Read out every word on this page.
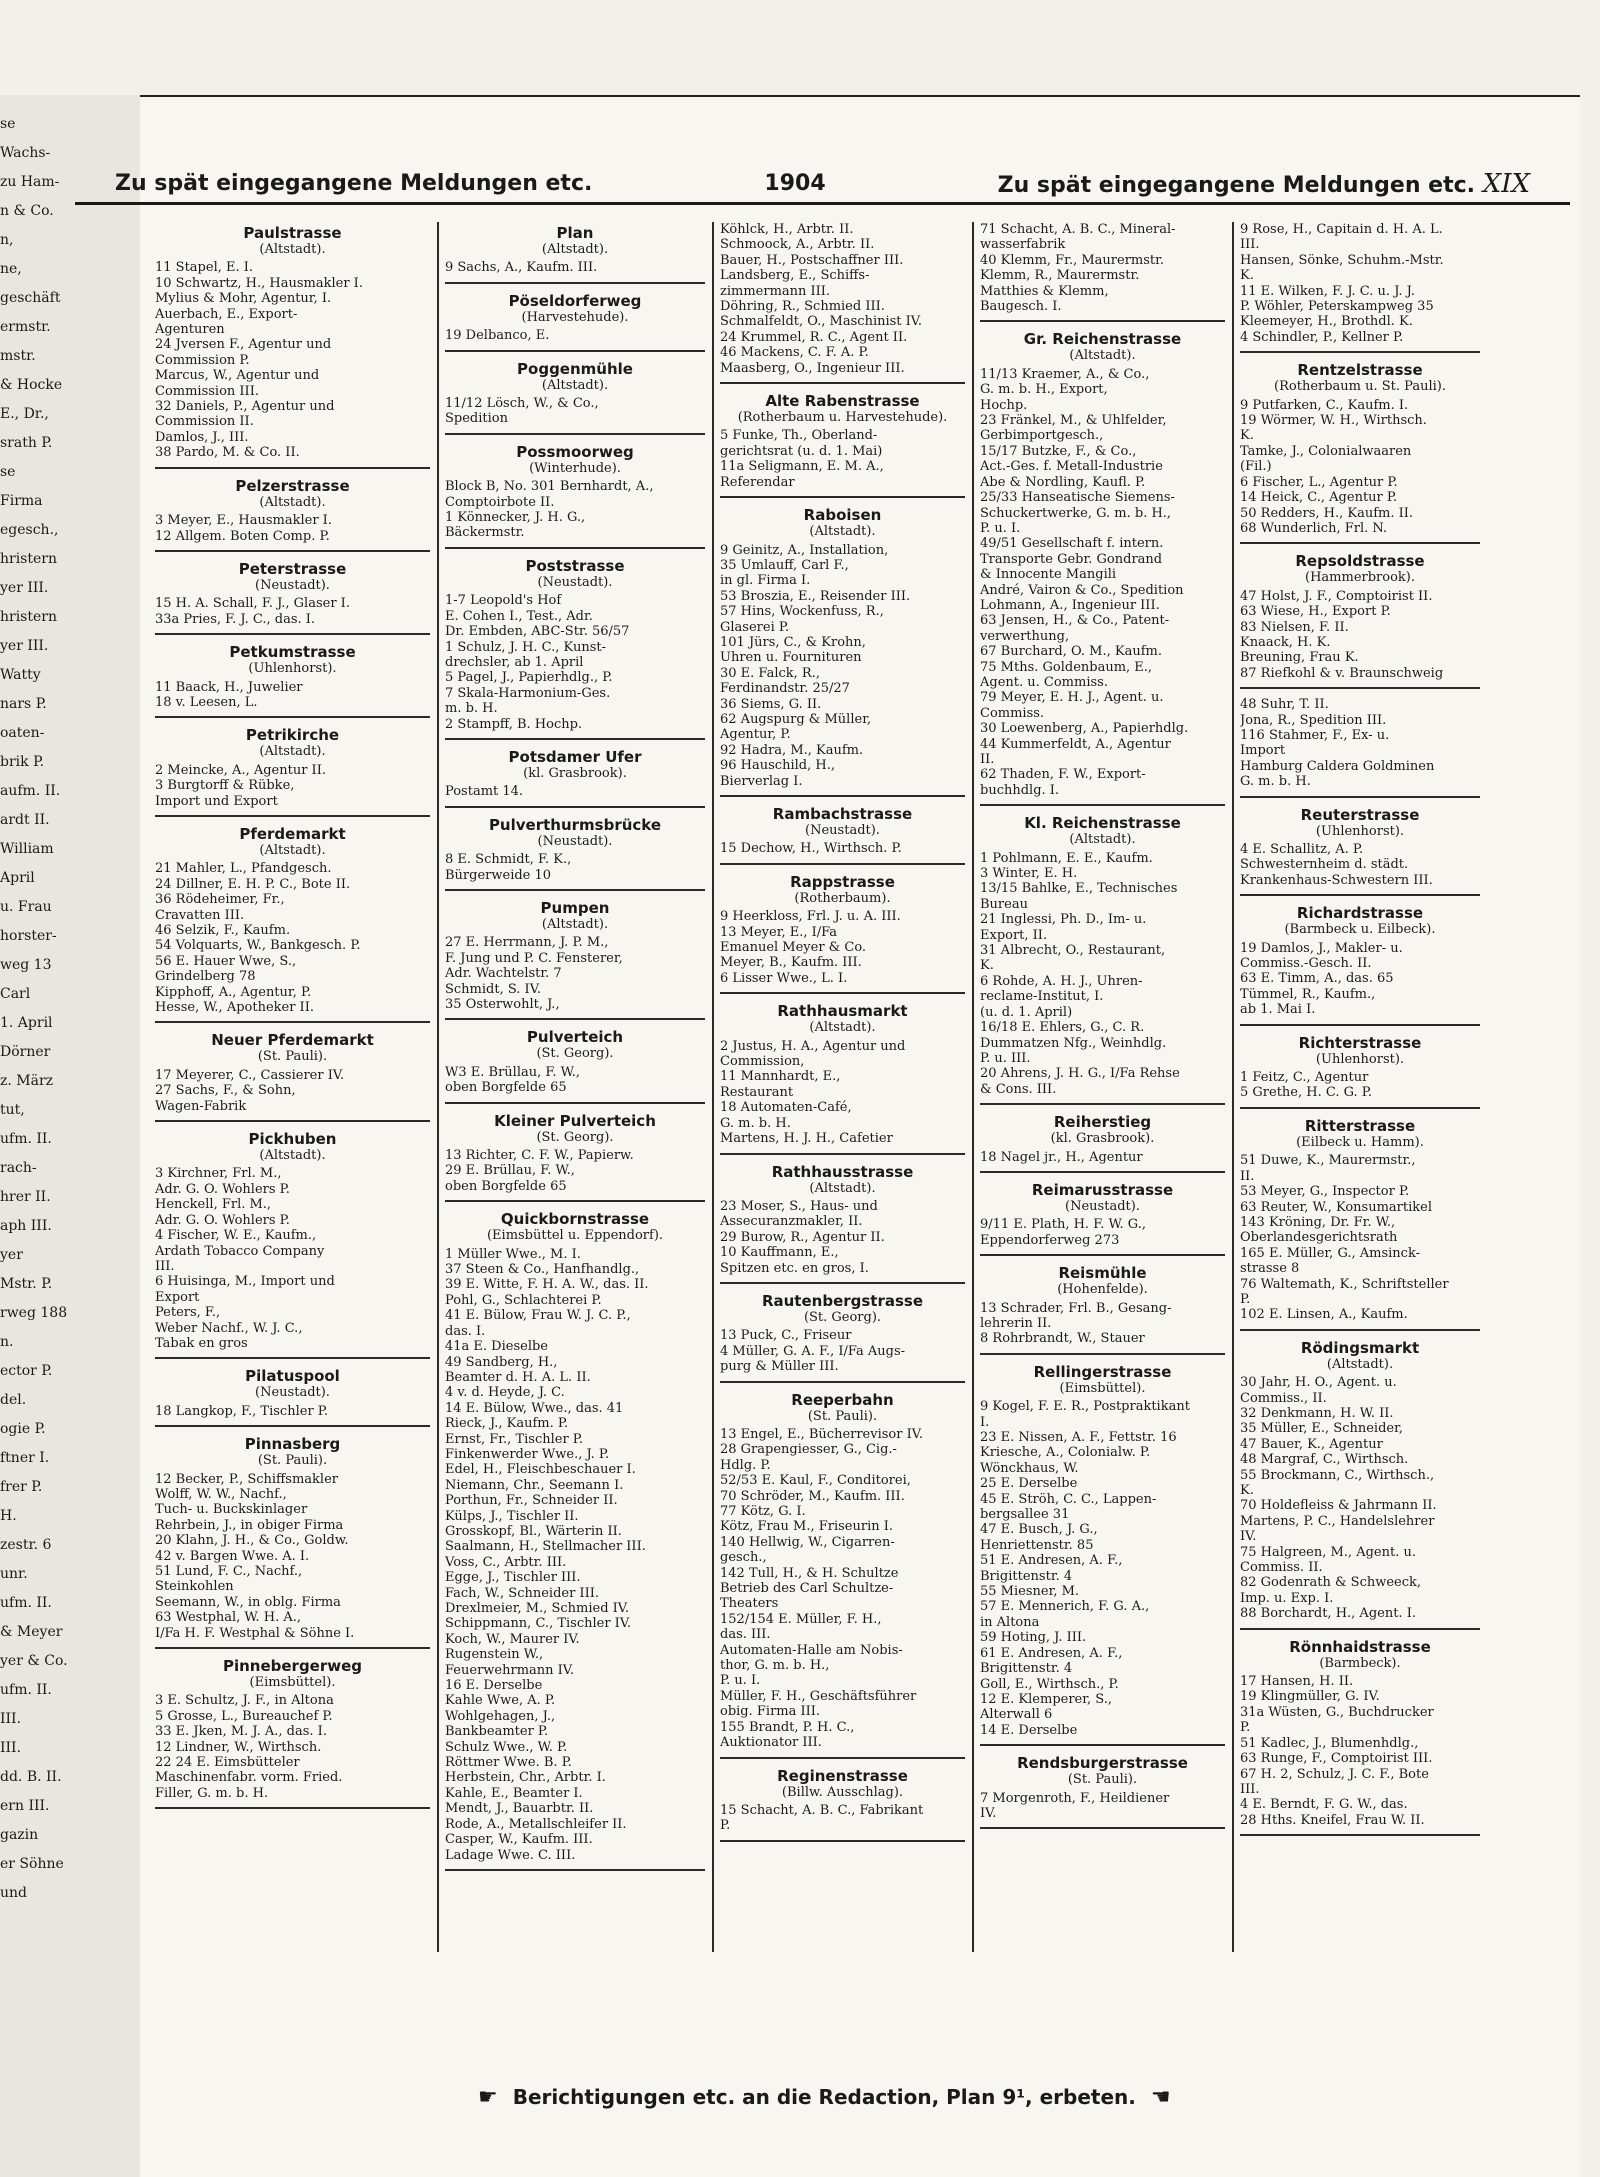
se
Wachs-
zu Ham-
n & Co.
n,
ne,
geschäft
ermstr.
mstr.
& Hocke
E., Dr.,
srath P.
se
Firma
egesch.,
hristern
yer III.
hristern
yer III.
Watty
nars P.
oaten-
brik P.
aufm. II.
ardt II.
William
April
u. Frau
horster-
weg 13
Carl
1. April
Dörner
z. März
tut,
ufm. II.
rach-
hrer II.
aph III.
yer
Mstr. P.
rweg 188
n.
ector P.
del.
ogie P.
ftner I.
frer P.
H.
zestr. 6
unr.
ufm. II.
& Meyer
yer & Co.
ufm. II.
III.
III.
dd. B. II.
ern III.
gazin
er Söhne
und
Zu spät eingegangene Meldungen etc.	1904	Zu spät eingegangene Meldungen etc. XIX
Paulstrasse
(Altstadt).
11 Stapel, E. I.
10 Schwartz, H., Hausmakler I.
Mylius & Mohr, Agentur, I.
Auerbach, E., Export-
Agenturen
24 Jversen F., Agentur und
Commission P.
Marcus, W., Agentur und
Commission III.
32 Daniels, P., Agentur und
Commission II.
Damlos, J., III.
38 Pardo, M. & Co. II.
Pelzerstrasse
(Altstadt).
3 Meyer, E., Hausmakler I.
12 Allgem. Boten Comp. P.
Peterstrasse
(Neustadt).
15 H. A. Schall, F. J., Glaser I.
33a Pries, F. J. C., das. I.
Petkumstrasse
(Uhlenhorst).
11 Baack, H., Juwelier
18 v. Leesen, L.
Petrikirche
(Altstadt).
2 Meincke, A., Agentur II.
3 Burgtorff & Rübke,
Import und Export
Pferdemarkt
(Altstadt).
21 Mahler, L., Pfandgesch.
24 Dillner, E. H. P. C., Bote II.
36 Rödeheimer, Fr.,
Cravatten III.
46 Selzik, F., Kaufm.
54 Volquarts, W., Bankgesch. P.
56 E. Hauer Wwe, S.,
Grindelberg 78
Kipphoff, A., Agentur, P.
Hesse, W., Apotheker II.
Neuer Pferdemarkt
(St. Pauli).
17 Meyerer, C., Cassierer IV.
27 Sachs, F., & Sohn,
Wagen-Fabrik
Pickhuben
(Altstadt).
3 Kirchner, Frl. M.,
Adr. G. O. Wohlers P.
Henckell, Frl. M.,
Adr. G. O. Wohlers P.
4 Fischer, W. E., Kaufm.,
Ardath Tobacco Company
III.
6 Huisinga, M., Import und
Export
Peters, F.,
Weber Nachf., W. J. C.,
Tabak en gros
Pilatuspool
(Neustadt).
18 Langkop, F., Tischler P.
Pinnasberg
(St. Pauli).
12 Becker, P., Schiffsmakler
Wolff, W. W., Nachf.,
Tuch- u. Buckskinlager
Rehrbein, J., in obiger Firma
20 Klahn, J. H., & Co., Goldw.
42 v. Bargen Wwe. A. I.
51 Lund, F. C., Nachf.,
Steinkohlen
Seemann, W., in oblg. Firma
63 Westphal, W. H. A.,
I/Fa H. F. Westphal & Söhne I.
Pinnebergerweg
(Eimsbüttel).
3 E. Schultz, J. F., in Altona
5 Grosse, L., Bureauchef P.
33 E. Jken, M. J. A., das. I.
12 Lindner, W., Wirthsch.
22 24 E. Eimsbütteler
Maschinenfabr. vorm. Fried.
Filler, G. m. b. H.
Plan
(Altstadt).
9 Sachs, A., Kaufm. III.
Pöseldorferweg
(Harvestehude).
19 Delbanco, E.
Poggenmühle
(Altstadt).
11/12 Lösch, W., & Co.,
Spedition
Possmoorweg
(Winterhude).
Block B, No. 301 Bernhardt, A.,
Comptoirbote II.
1 Könnecker, J. H. G.,
Bäckermstr.
Poststrasse
(Neustadt).
1-7 Leopold's Hof
E. Cohen I., Test., Adr.
Dr. Embden, ABC-Str. 56/57
1 Schulz, J. H. C., Kunst-
drechsler, ab 1. April
5 Pagel, J., Papierhdlg., P.
7 Skala-Harmonium-Ges.
m. b. H.
2 Stampff, B. Hochp.
Potsdamer Ufer
(kl. Grasbrook).
Postamt 14.
Pulverthurmsbrücke
(Neustadt).
8 E. Schmidt, F. K.,
Bürgerweide 10
Pumpen
(Altstadt).
27 E. Herrmann, J. P. M.,
F. Jung und P. C. Fensterer,
Adr. Wachtelstr. 7
Schmidt, S. IV.
35 Osterwohlt, J.,
Pulverteich
(St. Georg).
W3 E. Brüllau, F. W.,
oben Borgfelde 65
Kleiner Pulverteich
(St. Georg).
13 Richter, C. F. W., Papierw.
29 E. Brüllau, F. W.,
oben Borgfelde 65
Quickbornstrasse
(Eimsbüttel u. Eppendorf).
1 Müller Wwe., M. I.
37 Steen & Co., Hanfhandlg.,
39 E. Witte, F. H. A. W., das. II.
Pohl, G., Schlachterei P.
41 E. Bülow, Frau W. J. C. P.,
das. I.
41a E. Dieselbe
49 Sandberg, H.,
Beamter d. H. A. L. II.
4 v. d. Heyde, J. C.
14 E. Bülow, Wwe., das. 41
Rieck, J., Kaufm. P.
Ernst, Fr., Tischler P.
Finkenwerder Wwe., J. P.
Edel, H., Fleischbeschauer I.
Niemann, Chr., Seemann I.
Porthun, Fr., Schneider II.
Külps, J., Tischler II.
Grosskopf, Bl., Wärterin II.
Saalmann, H., Stellmacher III.
Voss, C., Arbtr. III.
Egge, J., Tischler III.
Fach, W., Schneider III.
Drexlmeier, M., Schmied IV.
Schippmann, C., Tischler IV.
Koch, W., Maurer IV.
Rugenstein W.,
Feuerwehrmann IV.
16 E. Derselbe
Kahle Wwe, A. P.
Wohlgehagen, J.,
Bankbeamter P.
Schulz Wwe., W. P.
Röttmer Wwe. B. P.
Herbstein, Chr., Arbtr. I.
Kahle, E., Beamter I.
Mendt, J., Bauarbtr. II.
Rode, A., Metallschleifer II.
Casper, W., Kaufm. III.
Ladage Wwe. C. III.
Köhlck, H., Arbtr. II.
Schmoock, A., Arbtr. II.
Bauer, H., Postschaffner III.
Landsberg, E., Schiffs-
zimmermann III.
Döhring, R., Schmied III.
Schmalfeldt, O., Maschinist IV.
24 Krummel, R. C., Agent II.
46 Mackens, C. F. A. P.
Maasberg, O., Ingenieur III.
Alte Rabenstrasse
(Rotherbaum u. Harvestehude).
5 Funke, Th., Oberland-
gerichtsrat (u. d. 1. Mai)
11a Seligmann, E. M. A.,
Referendar
Raboisen
(Altstadt).
9 Geinitz, A., Installation,
35 Umlauff, Carl F.,
in gl. Firma I.
53 Broszia, E., Reisender III.
57 Hins, Wockenfuss, R.,
Glaserei P.
101 Jürs, C., & Krohn,
Uhren u. Fournituren
30 E. Falck, R.,
Ferdinandstr. 25/27
36 Siems, G. II.
62 Augspurg & Müller,
Agentur, P.
92 Hadra, M., Kaufm.
96 Hauschild, H.,
Bierverlag I.
Rambachstrasse
(Neustadt).
15 Dechow, H., Wirthsch. P.
Rappstrasse
(Rotherbaum).
9 Heerkloss, Frl. J. u. A. III.
13 Meyer, E., I/Fa
Emanuel Meyer & Co.
Meyer, B., Kaufm. III.
6 Lisser Wwe., L. I.
Rathhausmarkt
(Altstadt).
2 Justus, H. A., Agentur und
Commission,
11 Mannhardt, E.,
Restaurant
18 Automaten-Café,
G. m. b. H.
Martens, H. J. H., Cafetier
Rathhausstrasse
(Altstadt).
23 Moser, S., Haus- und
Assecuranzmakler, II.
29 Burow, R., Agentur II.
10 Kauffmann, E.,
Spitzen etc. en gros, I.
Rautenbergstrasse
(St. Georg).
13 Puck, C., Friseur
4 Müller, G. A. F., I/Fa Augs-
purg & Müller III.
Reeperbahn
(St. Pauli).
13 Engel, E., Bücherrevisor IV.
28 Grapengiesser, G., Cig.-
Hdlg. P.
52/53 E. Kaul, F., Conditorei,
70 Schröder, M., Kaufm. III.
77 Kötz, G. I.
Kötz, Frau M., Friseurin I.
140 Hellwig, W., Cigarren-
gesch.,
142 Tull, H., & H. Schultze
Betrieb des Carl Schultze-
Theaters
152/154 E. Müller, F. H.,
das. III.
Automaten-Halle am Nobis-
thor, G. m. b. H.,
P. u. I.
Müller, F. H., Geschäftsführer
obig. Firma III.
155 Brandt, P. H. C.,
Auktionator III.
Reginenstrasse
(Billw. Ausschlag).
15 Schacht, A. B. C., Fabrikant
P.
71 Schacht, A. B. C., Mineral-
wasserfabrik
40 Klemm, Fr., Maurermstr.
Klemm, R., Maurermstr.
Matthies & Klemm,
Baugesch. I.
Gr. Reichenstrasse
(Altstadt).
11/13 Kraemer, A., & Co.,
G. m. b. H., Export,
Hochp.
23 Fränkel, M., & Uhlfelder,
Gerbimportgesch.,
15/17 Butzke, F., & Co.,
Act.-Ges. f. Metall-Industrie
Abe & Nordling, Kaufl. P.
25/33 Hanseatische Siemens-
Schuckertwerke, G. m. b. H.,
P. u. I.
49/51 Gesellschaft f. intern.
Transporte Gebr. Gondrand
& Innocente Mangili
André, Vairon & Co., Spedition
Lohmann, A., Ingenieur III.
63 Jensen, H., & Co., Patent-
verwerthung,
67 Burchard, O. M., Kaufm.
75 Mths. Goldenbaum, E.,
Agent. u. Commiss.
79 Meyer, E. H. J., Agent. u.
Commiss.
30 Loewenberg, A., Papierhdlg.
44 Kummerfeldt, A., Agentur
II.
62 Thaden, F. W., Export-
buchhdlg. I.
Kl. Reichenstrasse
(Altstadt).
1 Pohlmann, E. E., Kaufm.
3 Winter, E. H.
13/15 Bahlke, E., Technisches
Bureau
21 Inglessi, Ph. D., Im- u.
Export, II.
31 Albrecht, O., Restaurant,
K.
6 Rohde, A. H. J., Uhren-
reclame-Institut, I.
(u. d. 1. April)
16/18 E. Ehlers, G., C. R.
Dummatzen Nfg., Weinhdlg.
P. u. III.
20 Ahrens, J. H. G., I/Fa Rehse
& Cons. III.
Reiherstieg
(kl. Grasbrook).
18 Nagel jr., H., Agentur
Reimarusstrasse
(Neustadt).
9/11 E. Plath, H. F. W. G.,
Eppendorferweg 273
Reismühle
(Hohenfelde).
13 Schrader, Frl. B., Gesang-
lehrerin II.
8 Rohrbrandt, W., Stauer
Rellingerstrasse
(Eimsbüttel).
9 Kogel, F. E. R., Postpraktikant
I.
23 E. Nissen, A. F., Fettstr. 16
Kriesche, A., Colonialw. P.
Wönckhaus, W.
25 E. Derselbe
45 E. Ströh, C. C., Lappen-
bergsallee 31
47 E. Busch, J. G.,
Henriettenstr. 85
51 E. Andresen, A. F.,
Brigittenstr. 4
55 Miesner, M.
57 E. Mennerich, F. G. A.,
in Altona
59 Hoting, J. III.
61 E. Andresen, A. F.,
Brigittenstr. 4
Goll, E., Wirthsch., P.
12 E. Klemperer, S.,
Alterwall 6
14 E. Derselbe
Rendsburgerstrasse
(St. Pauli).
7 Morgenroth, F., Heildiener
IV.
9 Rose, H., Capitain d. H. A. L.
III.
Hansen, Sönke, Schuhm.-Mstr.
K.
11 E. Wilken, F. J. C. u. J. J.
P. Wöhler, Peterskampweg 35
Kleemeyer, H., Brothdl. K.
4 Schindler, P., Kellner P.
Rentzelstrasse
(Rotherbaum u. St. Pauli).
9 Putfarken, C., Kaufm. I.
19 Wörmer, W. H., Wirthsch.
K.
Tamke, J., Colonialwaaren
(Fil.)
6 Fischer, L., Agentur P.
14 Heick, C., Agentur P.
50 Redders, H., Kaufm. II.
68 Wunderlich, Frl. N.
Repsoldstrasse
(Hammerbrook).
47 Holst, J. F., Comptoirist II.
63 Wiese, H., Export P.
83 Nielsen, F. II.
Knaack, H. K.
Breuning, Frau K.
87 Riefkohl & v. Braunschweig
48 Suhr, T. II.
Jona, R., Spedition III.
116 Stahmer, F., Ex- u.
Import
Hamburg Caldera Goldminen
G. m. b. H.
Reuterstrasse
(Uhlenhorst).
4 E. Schallitz, A. P.
Schwesternheim d. städt.
Krankenhaus-Schwestern III.
Richardstrasse
(Barmbeck u. Eilbeck).
19 Damlos, J., Makler- u.
Commiss.-Gesch. II.
63 E. Timm, A., das. 65
Tümmel, R., Kaufm.,
ab 1. Mai I.
Richterstrasse
(Uhlenhorst).
1 Feitz, C., Agentur
5 Grethe, H. C. G. P.
Ritterstrasse
(Eilbeck u. Hamm).
51 Duwe, K., Maurermstr.,
II.
53 Meyer, G., Inspector P.
63 Reuter, W., Konsumartikel
143 Kröning, Dr. Fr. W.,
Oberlandesgerichtsrath
165 E. Müller, G., Amsinck-
strasse 8
76 Waltemath, K., Schriftsteller
P.
102 E. Linsen, A., Kaufm.
Rödingsmarkt
(Altstadt).
30 Jahr, H. O., Agent. u.
Commiss., II.
32 Denkmann, H. W. II.
35 Müller, E., Schneider,
47 Bauer, K., Agentur
48 Margraf, C., Wirthsch.
55 Brockmann, C., Wirthsch.,
K.
70 Holdefleiss & Jahrmann II.
Martens, P. C., Handelslehrer
IV.
75 Halgreen, M., Agent. u.
Commiss. II.
82 Godenrath & Schweeck,
Imp. u. Exp. I.
88 Borchardt, H., Agent. I.
Rönnhaidstrasse
(Barmbeck).
17 Hansen, H. II.
19 Klingmüller, G. IV.
31a Wüsten, G., Buchdrucker
P.
51 Kadlec, J., Blumenhdlg.,
63 Runge, F., Comptoirist III.
67 H. 2, Schulz, J. C. F., Bote
III.
4 E. Berndt, F. G. W., das.
28 Hths. Kneifel, Frau W. II.
☛ Berichtigungen etc. an die Redaction, Plan 9¹, erbeten. ☚
